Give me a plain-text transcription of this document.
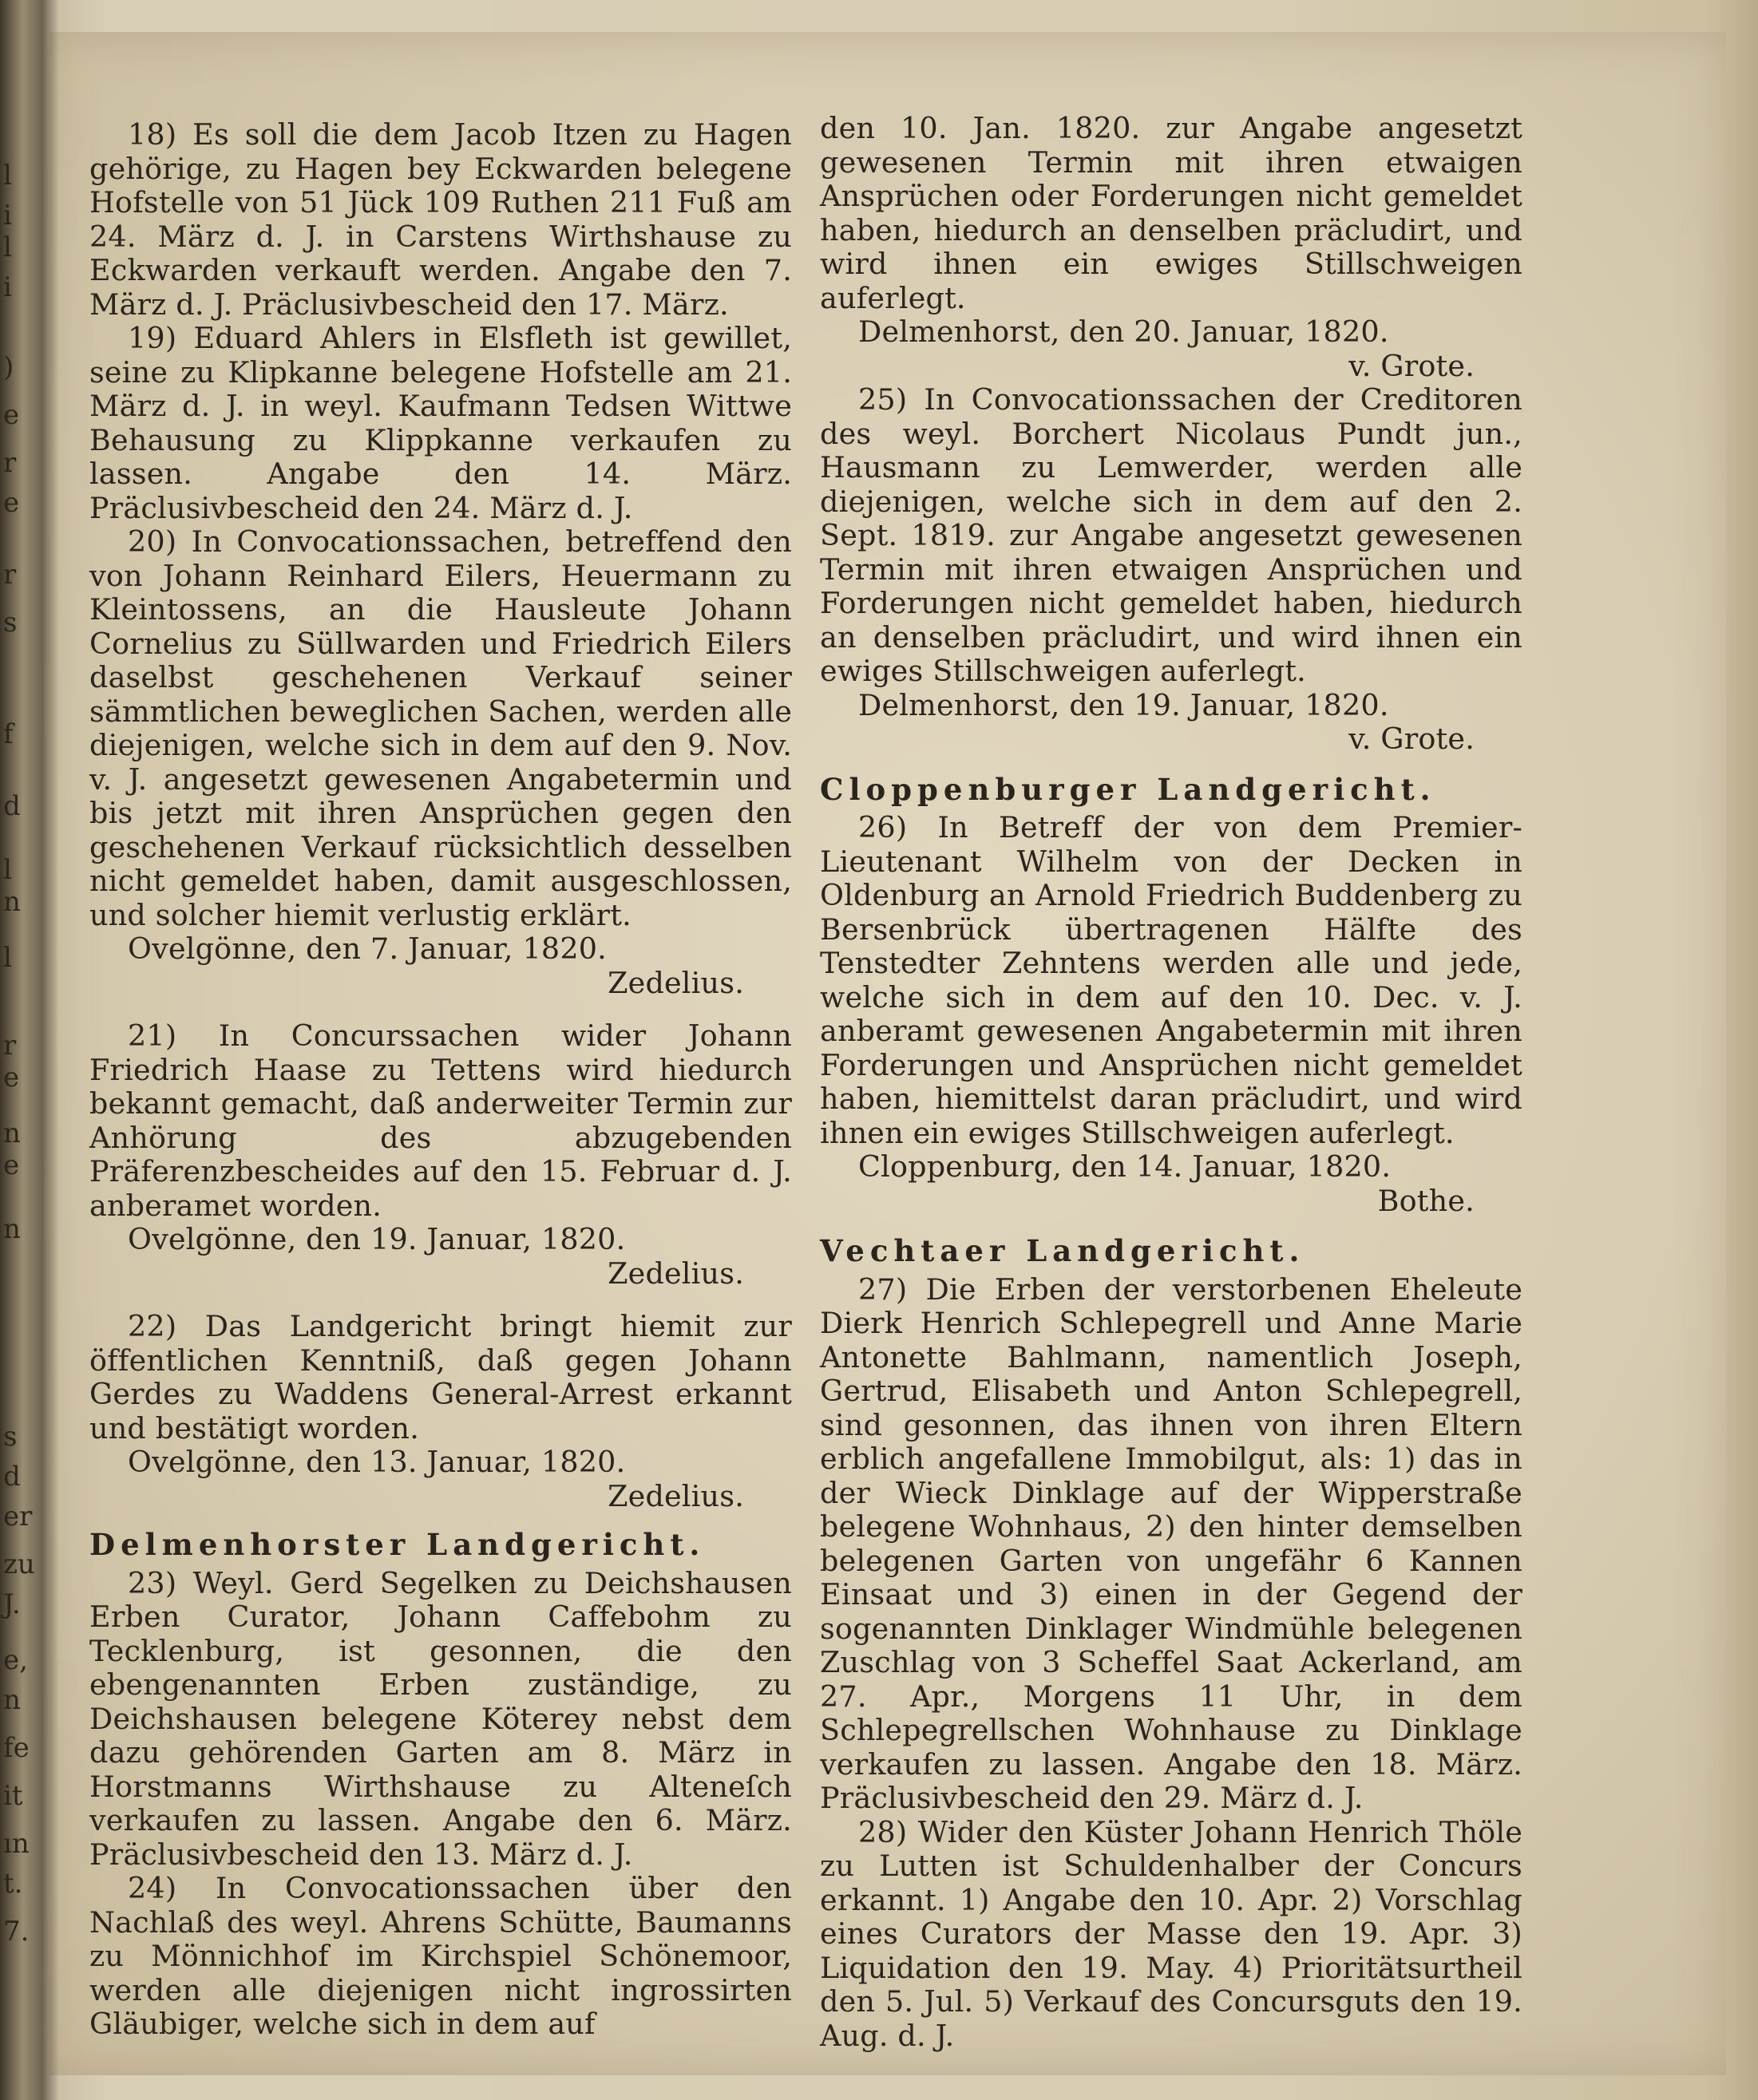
l
i
l
i
)
e
r
e
r
s
f
d
l
n
l
r
e
n
e
n
s
d
er
zu
J.
e,
n
fe
it
ın
t.
7.

18) Es soll die dem Jacob Itzen zu Hagen gehörige, zu Hagen bey Eckwarden belegene Hofstelle von 51 Jück 109 Ruthen 211 Fuß am 24. März d. J. in Carstens Wirthshause zu Eckwarden verkauft werden. Angabe den 7. März d. J. Präclusivbescheid den 17. März.

19) Eduard Ahlers in Elsfleth ist gewillet, seine zu Klipkanne belegene Hofstelle am 21. März d. J. in weyl. Kaufmann Tedsen Wittwe Behausung zu Klippkanne verkaufen zu lassen. Angabe den 14. März. Präclusivbescheid den 24. März d. J.

20) In Convocationssachen, betreffend den von Johann Reinhard Eilers, Heuermann zu Kleintossens, an die Hausleute Johann Cornelius zu Süllwarden und Friedrich Eilers daselbst geschehenen Verkauf seiner sämmtlichen beweglichen Sachen, werden alle diejenigen, welche sich in dem auf den 9. Nov. v. J. angesetzt gewesenen Angabetermin und bis jetzt mit ihren Ansprüchen gegen den geschehenen Verkauf rücksichtlich desselben nicht gemeldet haben, damit ausgeschlossen, und solcher hiemit verlustig erklärt.

Ovelgönne, den 7. Januar, 1820.

Zedelius.

21) In Concurssachen wider Johann Friedrich Haase zu Tettens wird hiedurch bekannt gemacht, daß anderweiter Termin zur Anhörung des abzugebenden Präferenzbescheides auf den 15. Februar d. J. anberamet worden.

Ovelgönne, den 19. Januar, 1820.

Zedelius.

22) Das Landgericht bringt hiemit zur öffentlichen Kenntniß, daß gegen Johann Gerdes zu Waddens General-Arrest erkannt und bestätigt worden.

Ovelgönne, den 13. Januar, 1820.

Zedelius.

Delmenhorster Landgericht.

23) Weyl. Gerd Segelken zu Deichshausen Erben Curator, Johann Caffebohm zu Tecklenburg, ist gesonnen, die den ebengenannten Erben zuständige, zu Deichshausen belegene Köterey nebst dem dazu gehörenden Garten am 8. März in Horstmanns Wirthshause zu Alteneſch verkaufen zu lassen. Angabe den 6. März. Präclusivbescheid den 13. März d. J.

24) In Convocationssachen über den Nachlaß des weyl. Ahrens Schütte, Baumanns zu Mönnichhof im Kirchspiel Schönemoor, werden alle diejenigen nicht ingrossirten Gläubiger, welche sich in dem auf

den 10. Jan. 1820. zur Angabe angesetzt gewesenen Termin mit ihren etwaigen Ansprüchen oder Forderungen nicht gemeldet haben, hiedurch an denselben präcludirt, und wird ihnen ein ewiges Stillschweigen auferlegt.

Delmenhorst, den 20. Januar, 1820.

v. Grote.

25) In Convocationssachen der Creditoren des weyl. Borchert Nicolaus Pundt jun., Hausmann zu Lemwerder, werden alle diejenigen, welche sich in dem auf den 2. Sept. 1819. zur Angabe angesetzt gewesenen Termin mit ihren etwaigen Ansprüchen und Forderungen nicht gemeldet haben, hiedurch an denselben präcludirt, und wird ihnen ein ewiges Stillschweigen auferlegt.

Delmenhorst, den 19. Januar, 1820.

v. Grote.

Cloppenburger Landgericht.

26) In Betreff der von dem Premier-Lieutenant Wilhelm von der Decken in Oldenburg an Arnold Friedrich Buddenberg zu Bersenbrück übertragenen Hälfte des Tenstedter Zehntens werden alle und jede, welche sich in dem auf den 10. Dec. v. J. anberamt gewesenen Angabetermin mit ihren Forderungen und Ansprüchen nicht gemeldet haben, hiemittelst daran präcludirt, und wird ihnen ein ewiges Stillschweigen auferlegt.

Cloppenburg, den 14. Januar, 1820.

Bothe.

Vechtaer Landgericht.

27) Die Erben der verstorbenen Eheleute Dierk Henrich Schlepegrell und Anne Marie Antonette Bahlmann, namentlich Joseph, Gertrud, Elisabeth und Anton Schlepegrell, sind gesonnen, das ihnen von ihren Eltern erblich angefallene Immobilgut, als: 1) das in der Wieck Dinklage auf der Wipperstraße belegene Wohnhaus, 2) den hinter demselben belegenen Garten von ungefähr 6 Kannen Einsaat und 3) einen in der Gegend der sogenannten Dinklager Windmühle belegenen Zuschlag von 3 Scheffel Saat Ackerland, am 27. Apr., Morgens 11 Uhr, in dem Schlepegrellschen Wohnhause zu Dinklage verkaufen zu lassen. Angabe den 18. März. Präclusivbescheid den 29. März d. J.

28) Wider den Küster Johann Henrich Thöle zu Lutten ist Schuldenhalber der Concurs erkannt. 1) Angabe den 10. Apr. 2) Vorschlag eines Curators der Masse den 19. Apr. 3) Liquidation den 19. May. 4) Prioritätsurtheil den 5. Jul. 5) Verkauf des Concursguts den 19. Aug. d. J.
